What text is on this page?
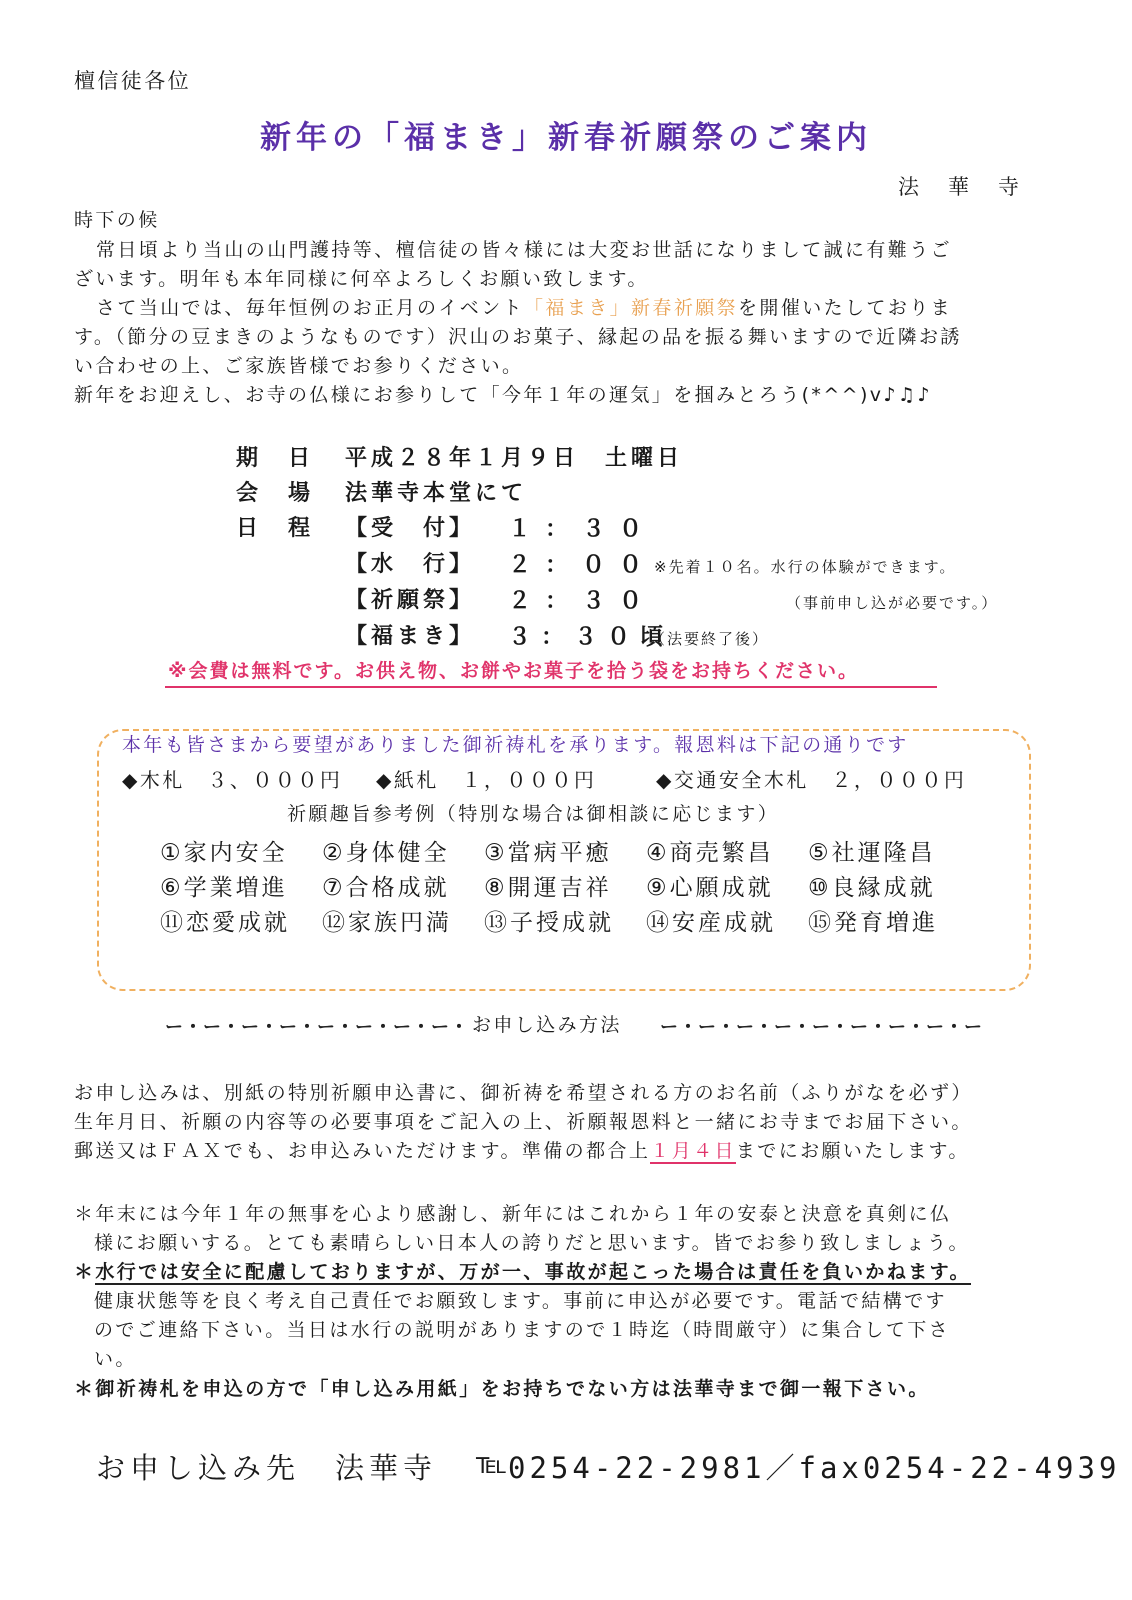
檀信徒各位
新年の「福まき」新春祈願祭のご案内
法　華　寺
時下の候
常日頃より当山の山門護持等、檀信徒の皆々様には大変お世話になりまして誠に有難うご
ざいます。明年も本年同様に何卒よろしくお願い致します。
さて当山では、毎年恒例のお正月のイベント「福まき」新春祈願祭を開催いたしておりま
す。（節分の豆まきのようなものです）沢山のお菓子、縁起の品を振る舞いますので近隣お誘
い合わせの上、ご家族皆様でお参りください。
新年をお迎えし、お寺の仏様にお参りして「今年１年の運気」を掴みとろう(*^^)v♪♫♪
期　日 平成２８年１月９日　土曜日
会　場 法華寺本堂にて
日　程 【受　付】 １：３０
【水　行】 ２：００
※先着１０名。水行の体験ができます。
【祈願祭】 ２：３０	（事前申し込が必要です。）
【福まき】 ３：３０頃
（法要終了後）
※会費は無料です。お供え物、お餅やお菓子を拾う袋をお持ちください。
本年も皆さまから要望がありました御祈祷札を承ります。報恩料は下記の通りです
◆木札　 ３、０００円 ◆紙札　 １，０００円	◆交通安全木札　 ２，０００円
祈願趣旨参考例（特別な場合は御相談に応じます）
①家内安全 ②身体健全 ③當病平癒 ④商売繁昌 ⑤社運隆昌
⑥学業増進 ⑦合格成就 ⑧開運吉祥 ⑨心願成就 ⑩良縁成就
⑪恋愛成就 ⑫家族円満 ⑬子授成就 ⑭安産成就 ⑮発育増進
ー・ー・ー・ー・ー・ー・ー・ー・ お申し込み方法 ー・ー・ー・ー・ー・ー・ー・ー・ー
お申し込みは、別紙の特別祈願申込書に、御祈祷を希望される方のお名前（ふりがなを必ず）
生年月日、祈願の内容等の必要事項をご記入の上、祈願報恩料と一緒にお寺までお届下さい。
郵送又はＦＡＸでも、お申込みいただけます。準備の都合上１月４日までにお願いたします。
＊年末には今年１年の無事を心より感謝し、新年にはこれから１年の安泰と決意を真剣に仏
様にお願いする。とても素晴らしい日本人の誇りだと思います。皆でお参り致しましょう。
＊水行では安全に配慮しておりますが、万が一、事故が起こった場合は責任を負いかねます。
健康状態等を良く考え自己責任でお願致します。事前に申込が必要です。電話で結構です
のでご連絡下さい。当日は水行の説明がありますので１時迄（時間厳守）に集合して下さ
い。
＊御祈祷札を申込の方で「申し込み用紙」をお持ちでない方は法華寺まで御一報下さい。
お申し込み先 法華寺 ℡
0254-22-2981／fax0254-22-4939
